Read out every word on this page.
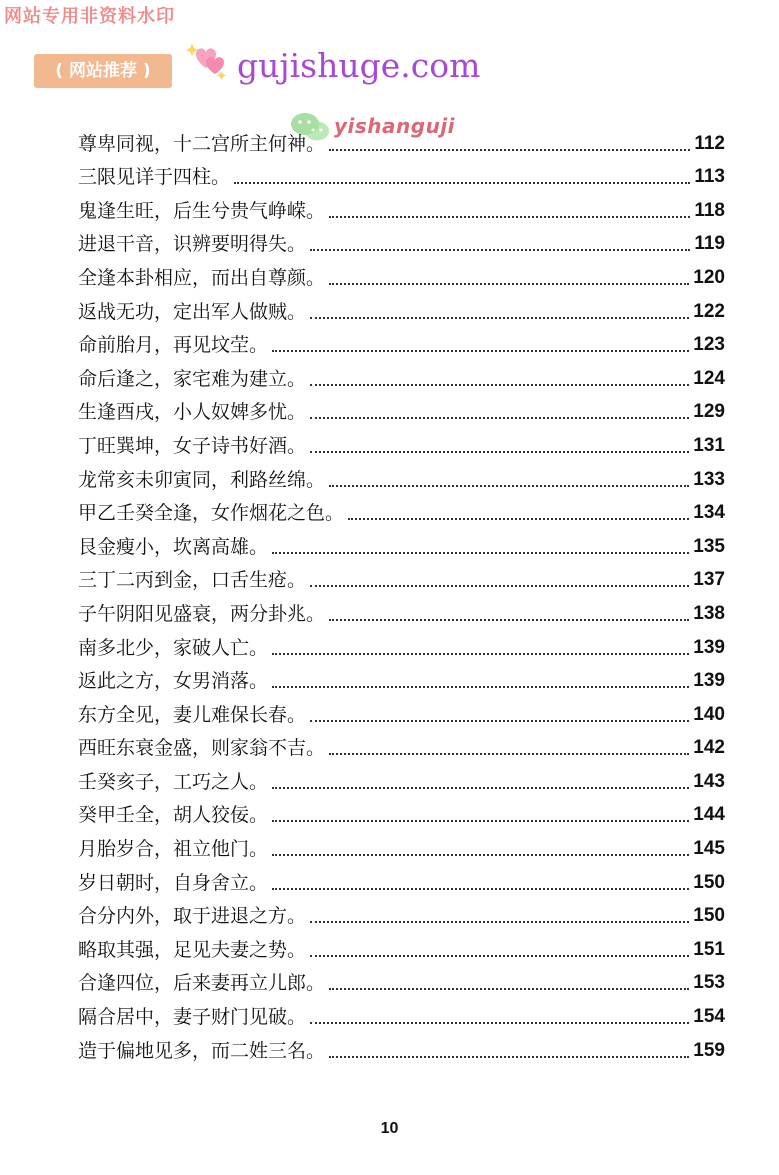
网站专用非资料水印
( 网站推荐 )	gujishuge.com
yishanguji
尊卑同视，十二宫所主何神。	112
三限见详于四柱。	113
鬼逢生旺，后生兮贵气峥嵘。	118
进退干音，识辨要明得失。	119
全逢本卦相应，而出自尊颜。	120
返战无功，定出军人做贼。	122
命前胎月，再见坟茔。	123
命后逢之，家宅难为建立。	124
生逢酉戌，小人奴婢多忧。	129
丁旺巽坤，女子诗书好酒。	131
龙常亥未卯寅同，利路丝绵。	133
甲乙壬癸全逢，女作烟花之色。	134
艮金瘦小，坎离高雄。	135
三丁二丙到金，口舌生疮。	137
子午阴阳见盛衰，两分卦兆。	138
南多北少，家破人亡。	139
返此之方，女男消落。	139
东方全见，妻儿难保长春。	140
西旺东衰金盛，则家翁不吉。	142
壬癸亥子，工巧之人。	143
癸甲壬全，胡人狡佞。	144
月胎岁合，祖立他门。	145
岁日朝时，自身舍立。	150
合分内外，取于进退之方。	150
略取其强，足见夫妻之势。	151
合逢四位，后来妻再立儿郎。	153
隔合居中，妻子财门见破。	154
造于偏地见多，而二姓三名。	159
10
